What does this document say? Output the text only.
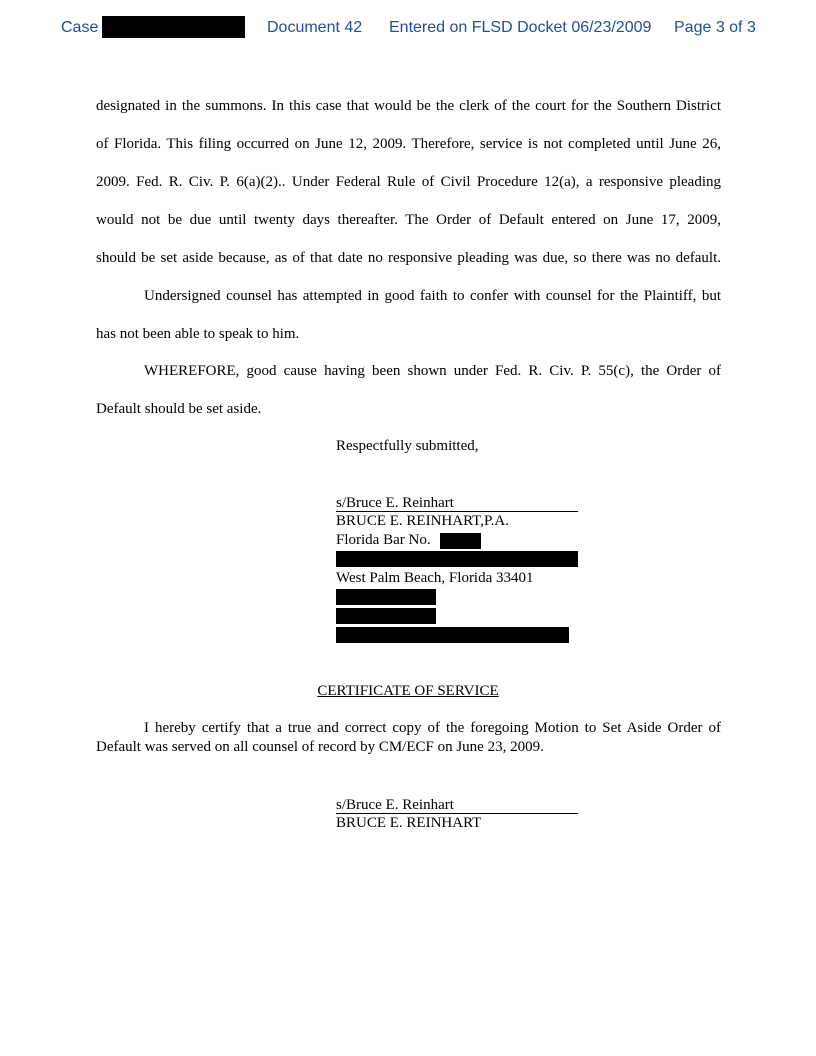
Case	Document 42 Entered on FLSD Docket 06/23/2009 Page 3 of 3
designated in the summons. In this case that would be the clerk of the court for the Southern District
of Florida. This filing occurred on June 12, 2009. Therefore, service is not completed until June 26,
2009. Fed. R. Civ. P. 6(a)(2).. Under Federal Rule of Civil Procedure 12(a), a responsive pleading
would not be due until twenty days thereafter. The Order of Default entered on June 17, 2009,
should be set aside because, as of that date no responsive pleading was due, so there was no default.
Undersigned counsel has attempted in good faith to confer with counsel for the Plaintiff, but
has not been able to speak to him.
WHEREFORE, good cause having been shown under Fed. R. Civ. P. 55(c), the Order of
Default should be set aside.
Respectfully submitted,
s/Bruce E. Reinhart
BRUCE E. REINHART,P.A.
Florida Bar No.
West Palm Beach, Florida 33401
CERTIFICATE OF SERVICE
I hereby certify that a true and correct copy of the foregoing Motion to Set Aside Order of
Default was served on all counsel of record by CM/ECF on June 23, 2009.
s/Bruce E. Reinhart
BRUCE E. REINHART
